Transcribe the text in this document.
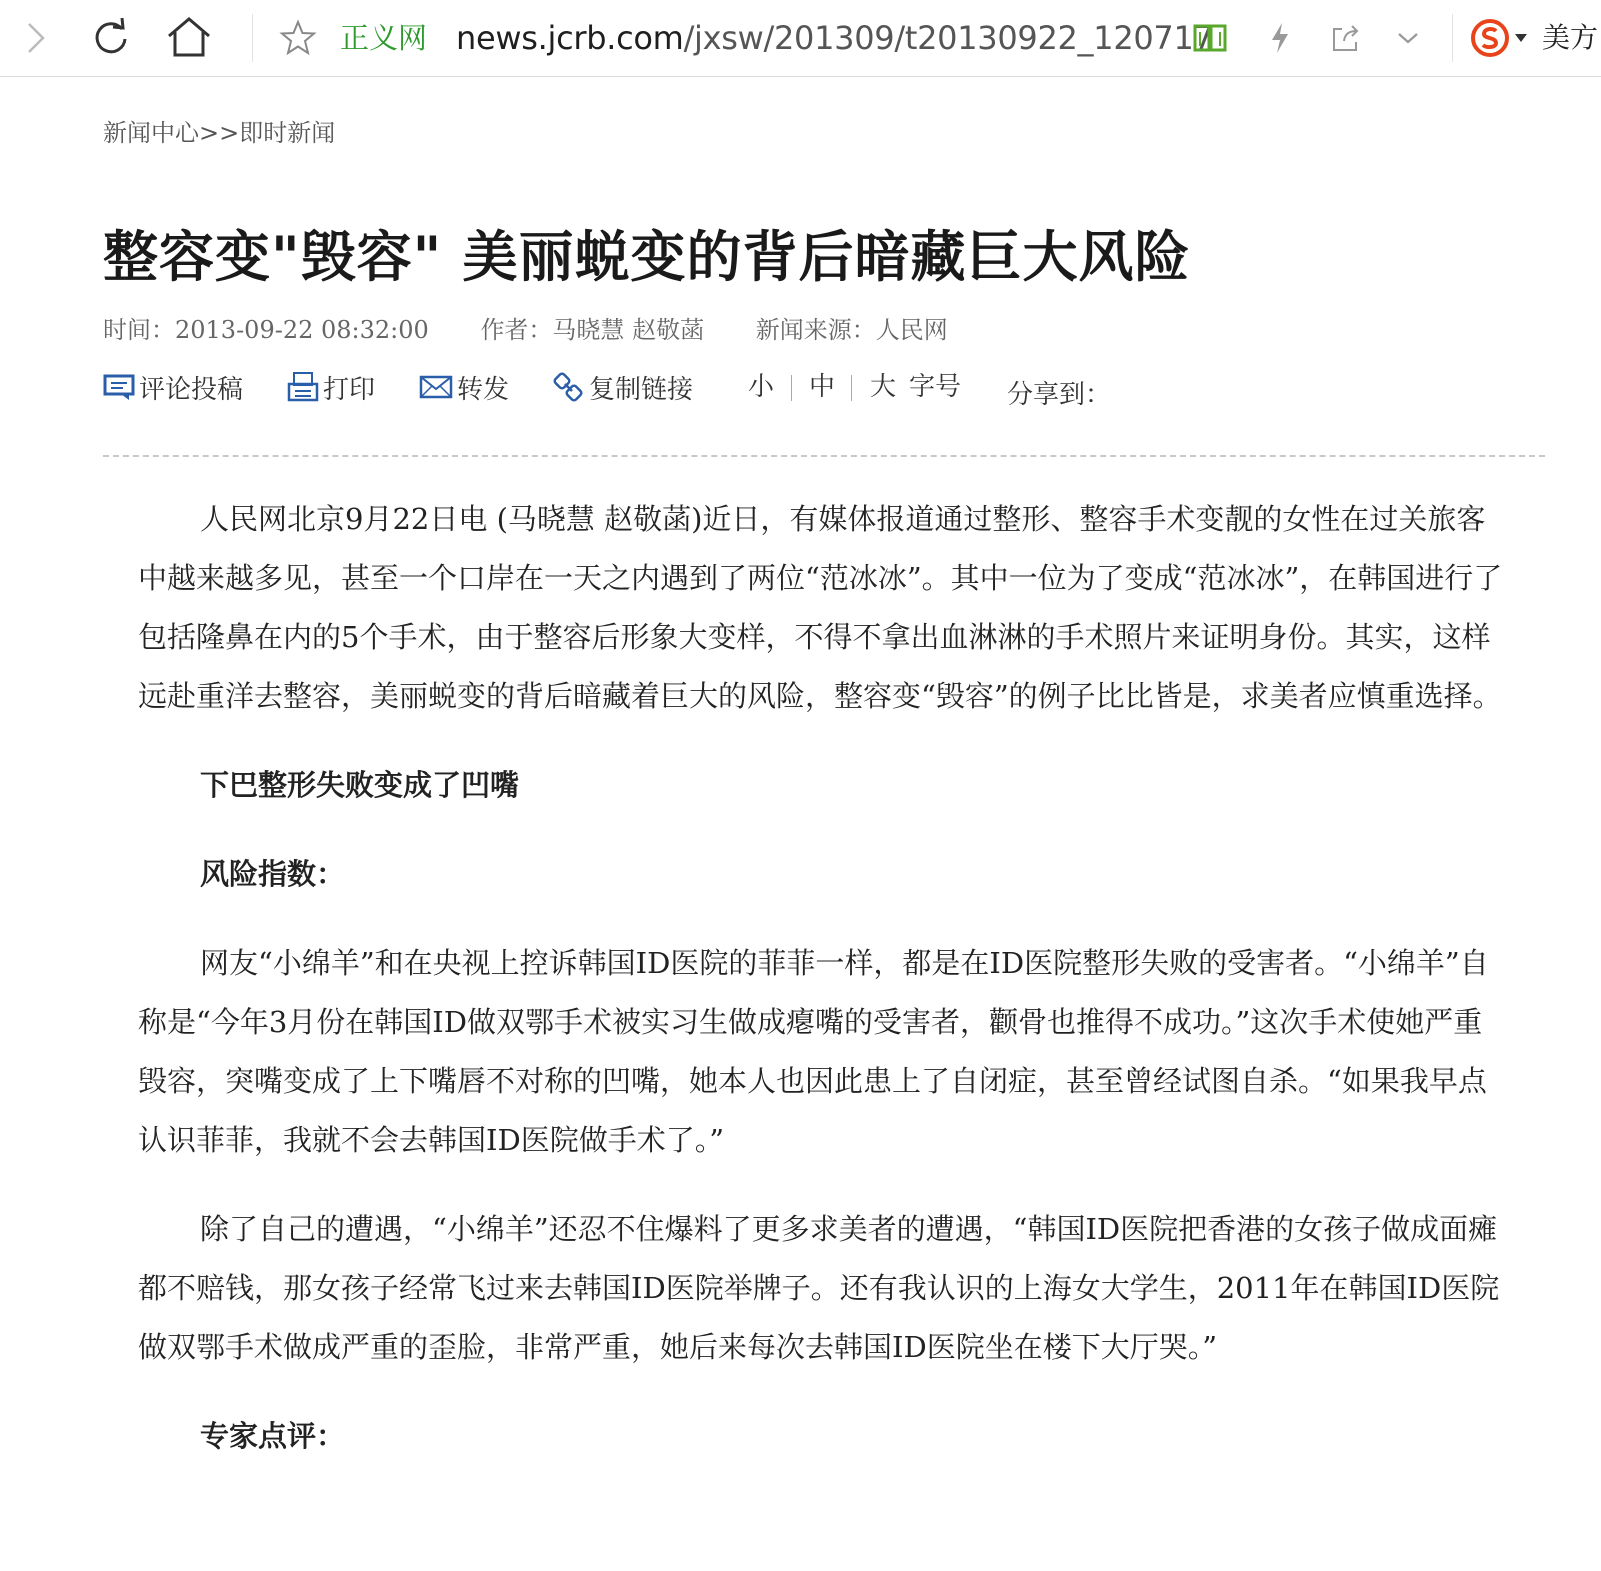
正义网 news.jcrb.com/jxsw/201309/t20130922_120717	美方
新闻中心>>即时新闻
整容变"毁容" 美丽蜕变的背后暗藏巨大风险
时间：2013-09-22 08:32:00 作者：马晓慧 赵敬菡 新闻来源：人民网
评论投稿	打印	转发	复制链接 小 中 大 字号 分享到：

人民网北京9月22日电 (马晓慧 赵敬菡)近日，有媒体报道通过整形、整容手术变靓的女性在过关旅客中越来越多见，甚至一个口岸在一天之内遇到了两位“范冰冰”。其中一位为了变成“范冰冰”，在韩国进行了包括隆鼻在内的5个手术，由于整容后形象大变样，不得不拿出血淋淋的手术照片来证明身份。其实，这样远赴重洋去整容，美丽蜕变的背后暗藏着巨大的风险，整容变“毁容”的例子比比皆是，求美者应慎重选择。

下巴整形失败变成了凹嘴

风险指数：

网友“小绵羊”和在央视上控诉韩国ID医院的菲菲一样，都是在ID医院整形失败的受害者。“小绵羊”自称是“今年3月份在韩国ID做双鄂手术被实习生做成瘪嘴的受害者，颧骨也推得不成功。”这次手术使她严重毁容，突嘴变成了上下嘴唇不对称的凹嘴，她本人也因此患上了自闭症，甚至曾经试图自杀。“如果我早点认识菲菲，我就不会去韩国ID医院做手术了。”

除了自己的遭遇，“小绵羊”还忍不住爆料了更多求美者的遭遇，“韩国ID医院把香港的女孩子做成面瘫都不赔钱，那女孩子经常飞过来去韩国ID医院举牌子。还有我认识的上海女大学生，2011年在韩国ID医院做双鄂手术做成严重的歪脸，非常严重，她后来每次去韩国ID医院坐在楼下大厅哭。”

专家点评：
